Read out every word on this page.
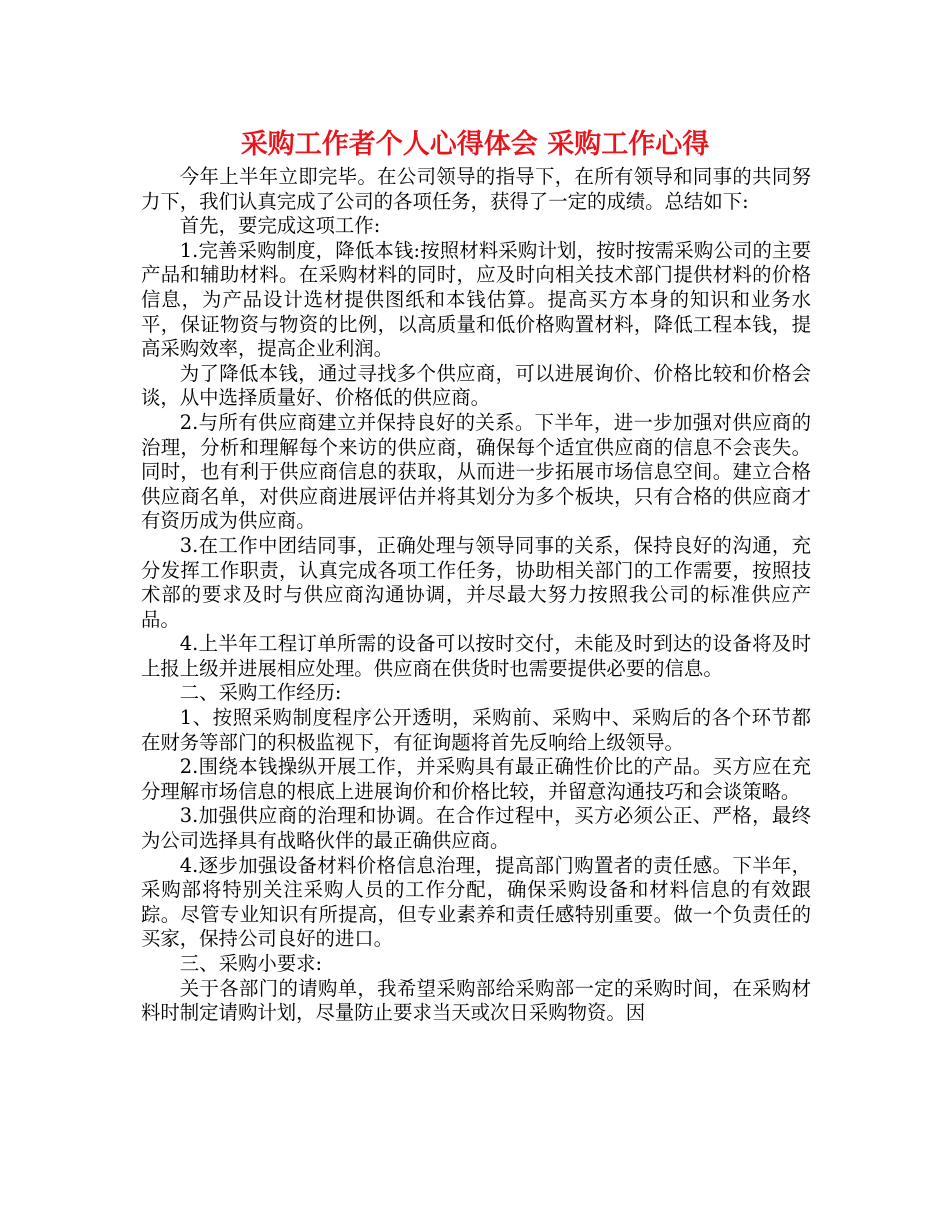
采购工作者个人心得体会 采购工作心得

今年上半年立即完毕。在公司领导的指导下，在所有领导和同事的共同努力下，我们认真完成了公司的各项任务，获得了一定的成绩。总结如下:

首先，要完成这项工作:

1.完善采购制度，降低本钱:按照材料采购计划，按时按需采购公司的主要产品和辅助材料。在采购材料的同时，应及时向相关技术部门提供材料的价格信息，为产品设计选材提供图纸和本钱估算。提高买方本身的知识和业务水平，保证物资与物资的比例，以高质量和低价格购置材料，降低工程本钱，提高采购效率，提高企业利润。

为了降低本钱，通过寻找多个供应商，可以进展询价、价格比较和价格会谈，从中选择质量好、价格低的供应商。

2.与所有供应商建立并保持良好的关系。下半年，进一步加强对供应商的治理，分析和理解每个来访的供应商，确保每个适宜供应商的信息不会丧失。同时，也有利于供应商信息的获取，从而进一步拓展市场信息空间。建立合格供应商名单，对供应商进展评估并将其划分为多个板块，只有合格的供应商才有资历成为供应商。

3.在工作中团结同事，正确处理与领导同事的关系，保持良好的沟通，充分发挥工作职责，认真完成各项工作任务，协助相关部门的工作需要，按照技术部的要求及时与供应商沟通协调，并尽最大努力按照我公司的标准供应产品。

4.上半年工程订单所需的设备可以按时交付，未能及时到达的设备将及时上报上级并进展相应处理。供应商在供货时也需要提供必要的信息。

二、采购工作经历:

1、按照采购制度程序公开透明，采购前、采购中、采购后的各个环节都在财务等部门的积极监视下，有征询题将首先反响给上级领导。

2.围绕本钱操纵开展工作，并采购具有最正确性价比的产品。买方应在充分理解市场信息的根底上进展询价和价格比较，并留意沟通技巧和会谈策略。

3.加强供应商的治理和协调。在合作过程中，买方必须公正、严格，最终为公司选择具有战略伙伴的最正确供应商。

4.逐步加强设备材料价格信息治理，提高部门购置者的责任感。下半年，采购部将特别关注采购人员的工作分配，确保采购设备和材料信息的有效跟踪。尽管专业知识有所提高，但专业素养和责任感特别重要。做一个负责任的买家，保持公司良好的进口。

三、采购小要求:

关于各部门的请购单，我希望采购部给采购部一定的采购时间，在采购材料时制定请购计划，尽量防止要求当天或次日采购物资。因
